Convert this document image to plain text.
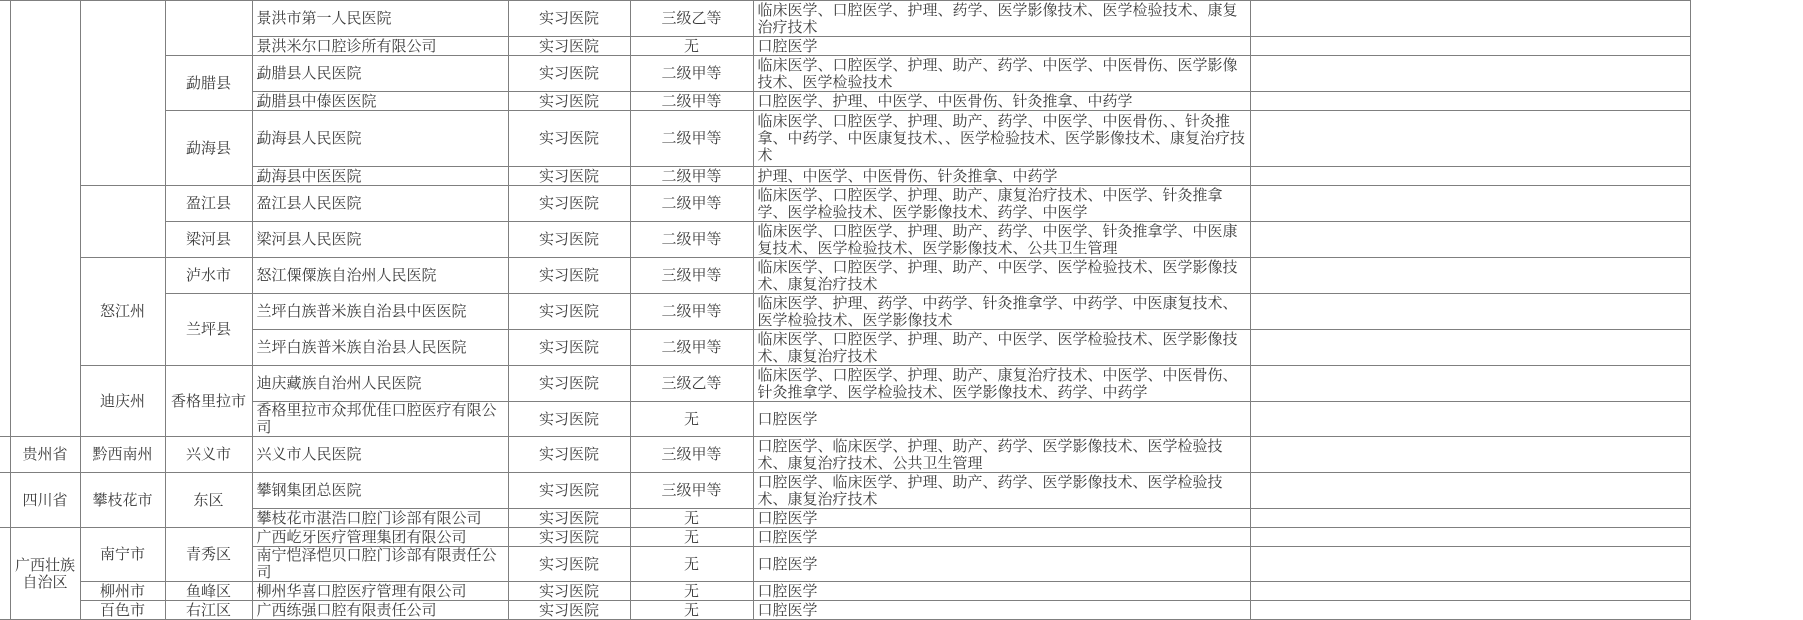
				景洪市第一人民医院	实习医院	三级乙等	临床医学、口腔医学、护理、药学、医学影像技术、医学检验技术、康复治疗技术	
				景洪米尔口腔诊所有限公司	实习医院	无	口腔医学	
			勐腊县	勐腊县人民医院	实习医院	二级甲等	临床医学、口腔医学、护理、助产、药学、中医学、中医骨伤、医学影像技术、医学检验技术	
				勐腊县中傣医医院	实习医院	二级甲等	口腔医学、护理、中医学、中医骨伤、针灸推拿、中药学	
			勐海县	勐海县人民医院	实习医院	二级甲等	临床医学、口腔医学、护理、助产、药学、中医学、中医骨伤、、针灸推拿、中药学、中医康复技术、、医学检验技术、医学影像技术、康复治疗技术	
				勐海县中医医院	实习医院	二级甲等	护理、中医学、中医骨伤、针灸推拿、中药学	
			盈江县	盈江县人民医院	实习医院	二级甲等	临床医学、口腔医学、护理、助产、康复治疗技术、中医学、针灸推拿学、医学检验技术、医学影像技术、药学、中医学	
			梁河县	梁河县人民医院	实习医院	二级甲等	临床医学、口腔医学、护理、助产、药学、中医学、针灸推拿学、中医康复技术、医学检验技术、医学影像技术、公共卫生管理	
		怒江州	泸水市	怒江傈僳族自治州人民医院	实习医院	三级甲等	临床医学、口腔医学、护理、助产、中医学、医学检验技术、医学影像技术、康复治疗技术	
			兰坪县	兰坪白族普米族自治县中医医院	实习医院	二级甲等	临床医学、护理、药学、中药学、针灸推拿学、中药学、中医康复技术、医学检验技术、医学影像技术	
				兰坪白族普米族自治县人民医院	实习医院	二级甲等	临床医学、口腔医学、护理、助产、中医学、医学检验技术、医学影像技术、康复治疗技术	
		迪庆州	香格里拉市	迪庆藏族自治州人民医院	实习医院	三级乙等	临床医学、口腔医学、护理、助产、康复治疗技术、中医学、中医骨伤、针灸推拿学、医学检验技术、医学影像技术、药学、中药学	
				香格里拉市众邦优佳口腔医疗有限公司	实习医院	无	口腔医学	
	贵州省	黔西南州	兴义市	兴义市人民医院	实习医院	三级甲等	口腔医学、临床医学、护理、助产、药学、医学影像技术、医学检验技术、康复治疗技术、公共卫生管理	
	四川省	攀枝花市	东区	攀钢集团总医院	实习医院	三级甲等	口腔医学、临床医学、护理、助产、药学、医学影像技术、医学检验技术、康复治疗技术	
				攀枝花市湛浩口腔门诊部有限公司	实习医院	无	口腔医学	
	广西壮族自治区	南宁市	青秀区	广西屹牙医疗管理集团有限公司	实习医院	无	口腔医学	
				南宁恺泽恺贝口腔门诊部有限责任公司	实习医院	无	口腔医学	
		柳州市	鱼峰区	柳州华喜口腔医疗管理有限公司	实习医院	无	口腔医学	
		百色市	右江区	广西练强口腔有限责任公司	实习医院	无	口腔医学	
